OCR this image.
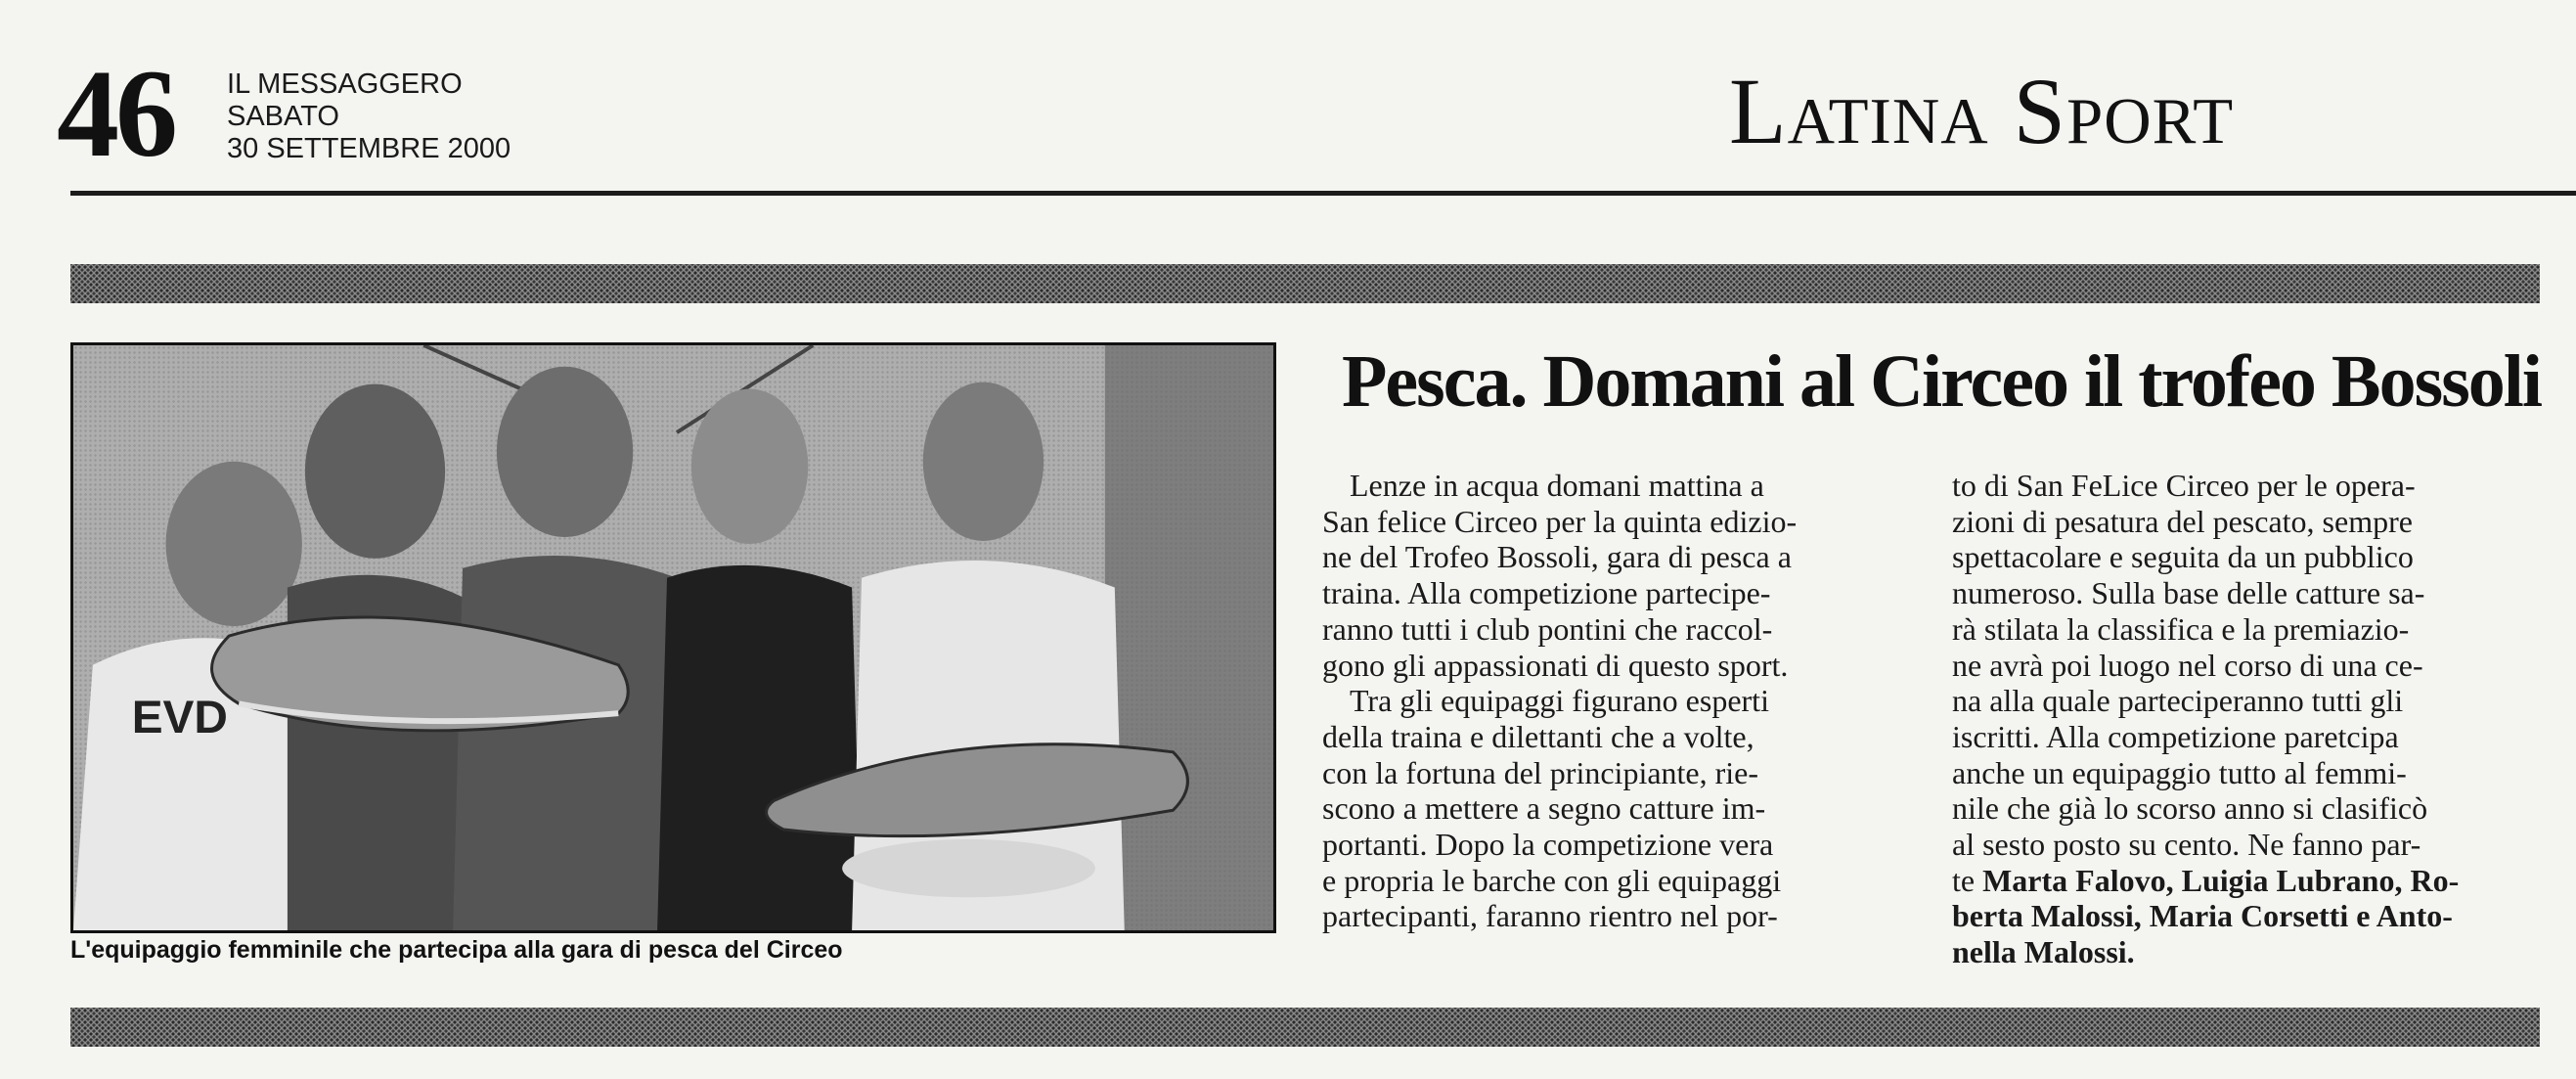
46 IL MESSAGGERO
SABATO
30 SETTEMBRE 2000	Latina Sport
EVD
L'equipaggio femminile che partecipa alla gara di pesca del Circeo
Pesca. Domani al Circeo il trofeo Bossoli
Lenze in acqua domani mattina a
San felice Circeo per la quinta edizio-
ne del Trofeo Bossoli, gara di pesca a
traina. Alla competizione partecipe-
ranno tutti i club pontini che raccol-
gono gli appassionati di questo sport.
Tra gli equipaggi figurano esperti
della traina e dilettanti che a volte,
con la fortuna del principiante, rie-
scono a mettere a segno catture im-
portanti. Dopo la competizione vera
e propria le barche con gli equipaggi
partecipanti, faranno rientro nel por-
to di San FeLice Circeo per le opera-
zioni di pesatura del pescato, sempre
spettacolare e seguita da un pubblico
numeroso. Sulla base delle catture sa-
rà stilata la classifica e la premiazio-
ne avrà poi luogo nel corso di una ce-
na alla quale parteciperanno tutti gli
iscritti. Alla competizione paretcipa
anche un equipaggio tutto al femmi-
nile che già lo scorso anno si clasificò
al sesto posto su cento. Ne fanno par-
te Marta Falovo, Luigia Lubrano, Ro-
berta Malossi, Maria Corsetti e Anto-
nella Malossi.
